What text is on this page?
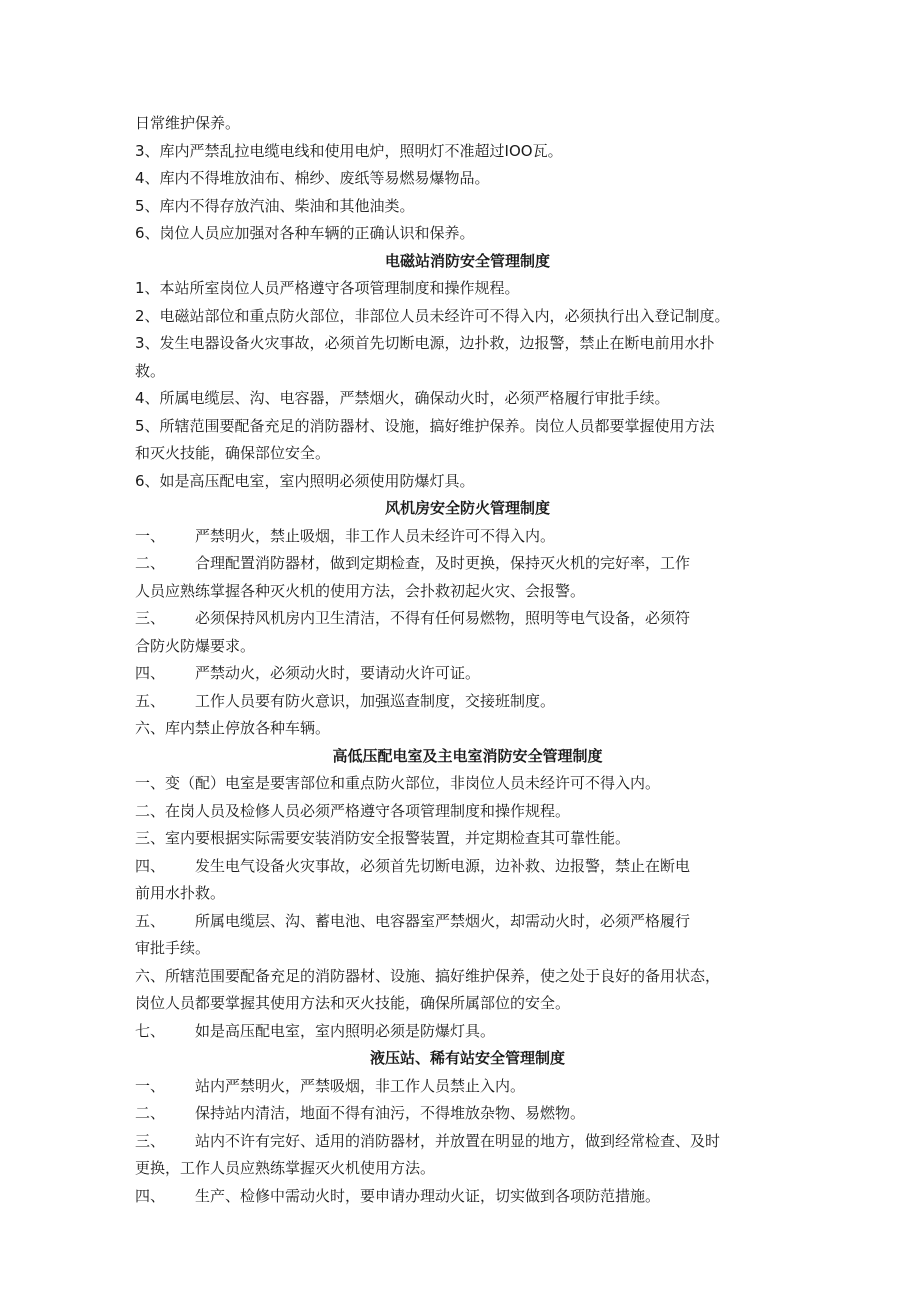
日常维护保养。

3、库内严禁乱拉电缆电线和使用电炉，照明灯不准超过IOO瓦。

4、库内不得堆放油布、棉纱、废纸等易燃易爆物品。

5、库内不得存放汽油、柴油和其他油类。

6、岗位人员应加强对各种车辆的正确认识和保养。

电磁站消防安全管理制度

1、本站所室岗位人员严格遵守各项管理制度和操作规程。

2、电磁站部位和重点防火部位，非部位人员未经许可不得入内，必须执行出入登记制度。

3、发生电器设备火灾事故，必须首先切断电源，边扑救，边报警，禁止在断电前用水扑

救。

4、所属电缆层、沟、电容器，严禁烟火，确保动火时，必须严格履行审批手续。

5、所辖范围要配备充足的消防器材、设施，搞好维护保养。岗位人员都要掌握使用方法

和灭火技能，确保部位安全。

6、如是高压配电室，室内照明必须使用防爆灯具。

风机房安全防火管理制度

一、	严禁明火，禁止吸烟，非工作人员未经许可不得入内。
二、	合理配置消防器材，做到定期检查，及时更换，保持灭火机的完好率，工作

人员应熟练掌握各种灭火机的使用方法，会扑救初起火灾、会报警。

三、	必须保持风机房内卫生清洁，不得有任何易燃物，照明等电气设备，必须符

合防火防爆要求。

四、	严禁动火，必须动火时，要请动火许可证。
五、	工作人员要有防火意识，加强巡查制度，交接班制度。

六、库内禁止停放各种车辆。

高低压配电室及主电室消防安全管理制度

一、变（配）电室是要害部位和重点防火部位，非岗位人员未经许可不得入内。

二、在岗人员及检修人员必须严格遵守各项管理制度和操作规程。

三、室内要根据实际需要安装消防安全报警装置，并定期检查其可靠性能。

四、	发生电气设备火灾事故，必须首先切断电源，边补救、边报警，禁止在断电

前用水扑救。

五、	所属电缆层、沟、蓄电池、电容器室严禁烟火，却需动火时，必须严格履行

审批手续。

六、所辖范围要配备充足的消防器材、设施、搞好维护保养，使之处于良好的备用状态，

岗位人员都要掌握其使用方法和灭火技能，确保所属部位的安全。

七、	如是高压配电室，室内照明必须是防爆灯具。

液压站、稀有站安全管理制度

一、	站内严禁明火，严禁吸烟，非工作人员禁止入内。
二、	保持站内清洁，地面不得有油污，不得堆放杂物、易燃物。
三、	站内不许有完好、适用的消防器材，并放置在明显的地方，做到经常检查、及时

更换，工作人员应熟练掌握灭火机使用方法。

四、	生产、检修中需动火时，要申请办理动火证，切实做到各项防范措施。
